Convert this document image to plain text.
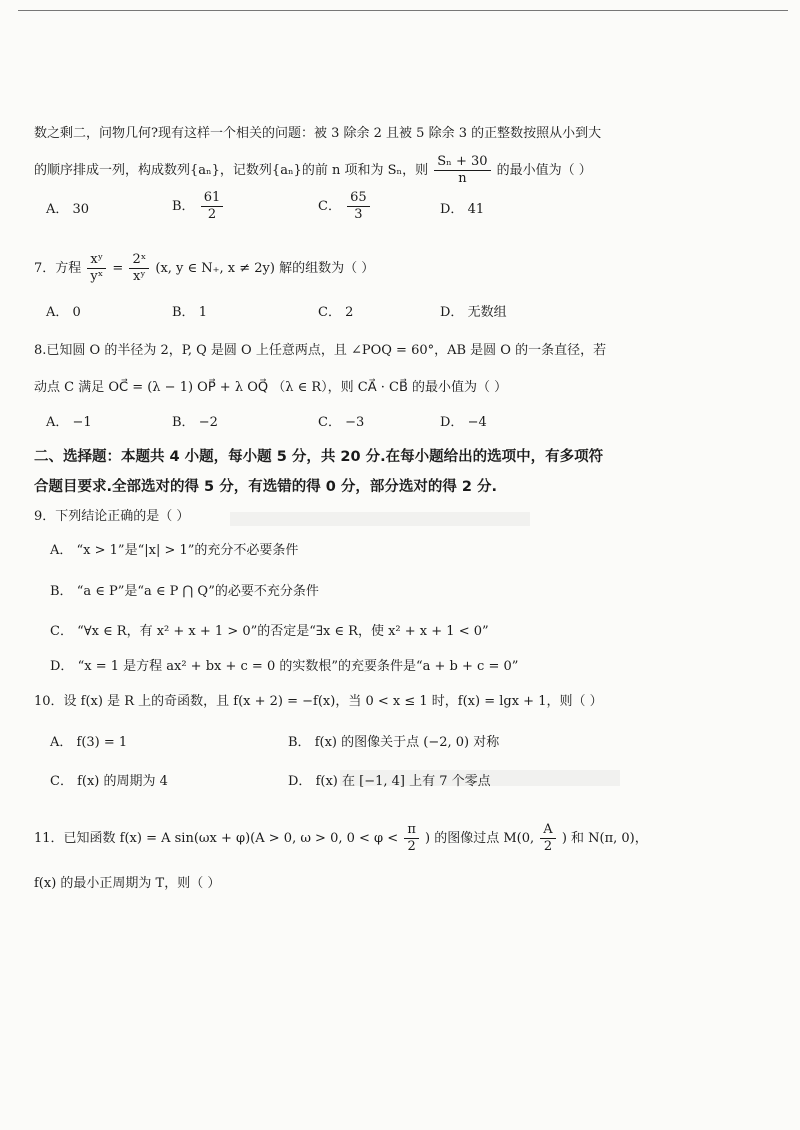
数之剩二，问物几何?现有这样一个相关的问题：被 3 除余 2 且被 5 除余 3 的正整数按照从小到大
的顺序排成一列，构成数列{aₙ}，记数列{aₙ}的前 n 项和为 Sₙ，则 $\frac{\text{Sₙ + 30}}{n}$ 的最小值为（ ）
A． 30	B． $\frac{61}{2}$	C． $\frac{65}{3}$	D． 41
7．方程 $\frac{\text{xʸ}}{\text{yˣ}} = \frac{\text{2ˣ}}{\text{xʸ}} (x$, y ∈ N₊, x ≠ 2y) 解的组数为（ ）
A． 0	B． 1	C． 2	D． 无数组
8.已知圆 O 的半径为 2，P, Q 是圆 O 上任意两点，且 ∠POQ = 60°，AB 是圆 O 的一条直径，若
动点 C 满足 OC⃗ = (λ − 1) OP⃗ + λ OQ⃗ （λ ∈ R），则 CA⃗ · CB⃗ 的最小值为（ ）
A． −1	B． −2	C． −3	D． −4
二、选择题：本题共 4 小题，每小题 5 分，共 20 分.在每小题给出的选项中，有多项符
合题目要求.全部选对的得 5 分，有选错的得 0 分，部分选对的得 2 分.
9．下列结论正确的是（ ）
A． “x > 1”是“|x| > 1”的充分不必要条件
B． “a ∈ P”是“a ∈ P ⋂ Q”的必要不充分条件
C． “∀x ∈ R，有 x² + x + 1 > 0”的否定是“∃x ∈ R，使 x² + x + 1 < 0”
D． “x = 1 是方程 ax² + bx + c = 0 的实数根”的充要条件是“a + b + c = 0”
10．设 f(x) 是 R 上的奇函数，且 f(x + 2) = −f(x)，当 0 < x ≤ 1 时，f(x) = lgx + 1，则（ ）
A． f(3) = 1	B． f(x) 的图像关于点 (−2, 0) 对称
C． f(x) 的周期为 4	D． f(x) 在 [−1, 4] 上有 7 个零点
11．已知函数 f(x) = A sin(ωx + φ)(A > 0, ω > 0, $0 < \varphi < \frac{\pi}{2}$ ) 的图像过点 M(0, $\frac{A}{2}$ ) 和 N(π, 0)，
f(x) 的最小正周期为 T，则（ ）
